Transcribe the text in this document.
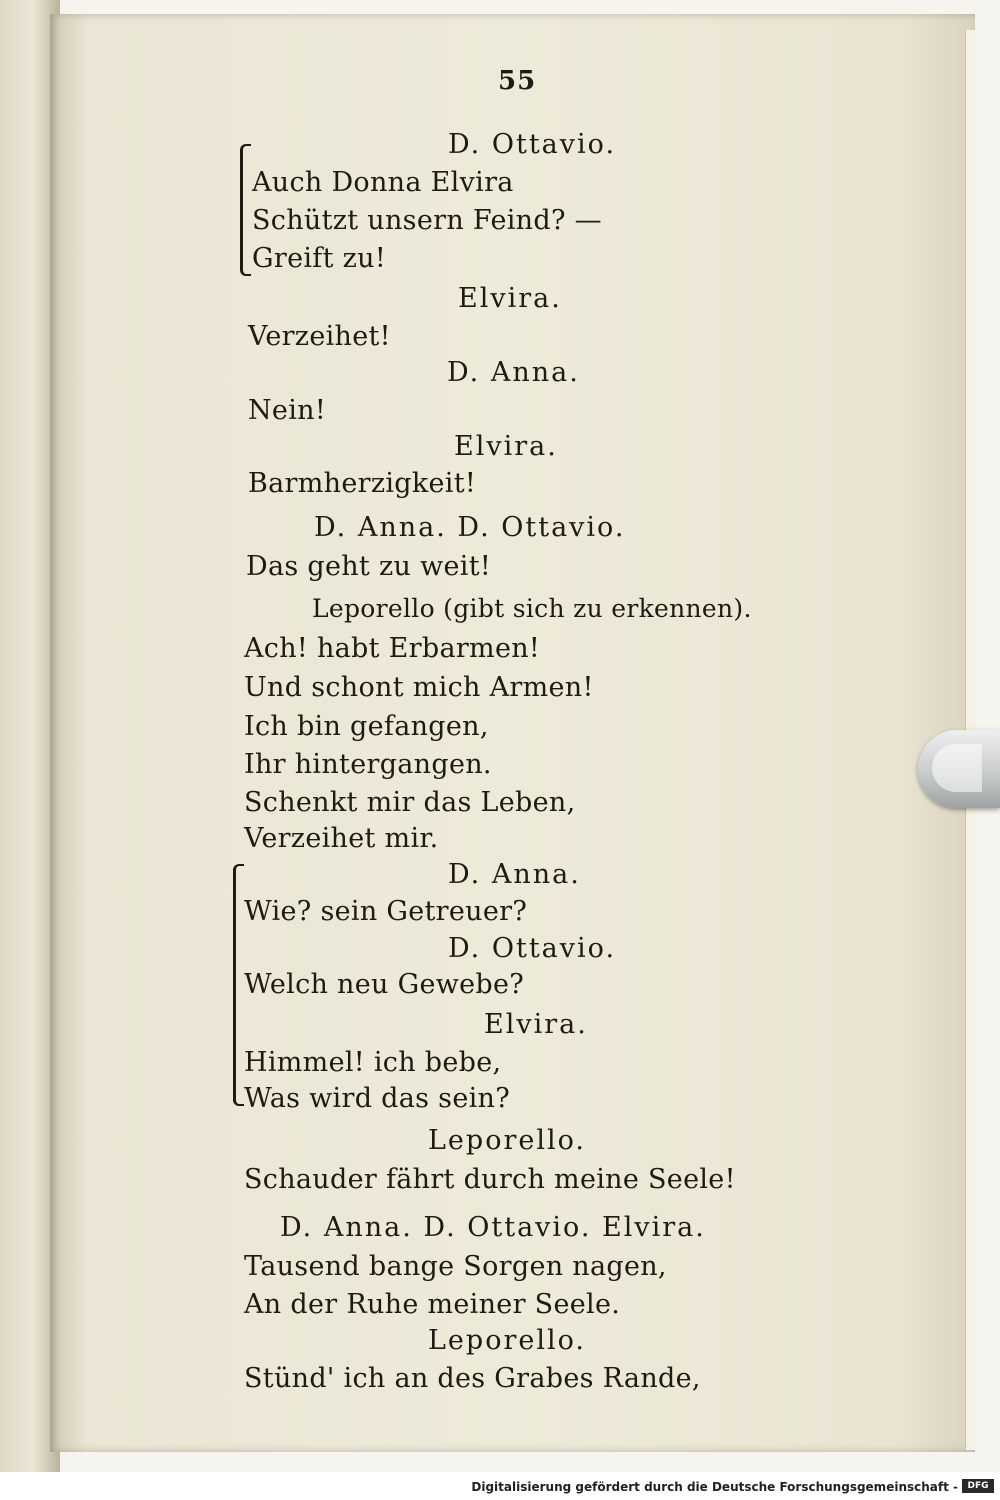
55
D. Ottavio.
Auch Donna Elvira
Schützt unsern Feind? —
Greift zu!
Elvira.
Verzeihet!
D. Anna.
Nein!
Elvira.
Barmherzigkeit!
D. Anna. D. Ottavio.
Das geht zu weit!
Leporello (gibt sich zu erkennen).
Ach! habt Erbarmen!
Und schont mich Armen!
Ich bin gefangen,
Ihr hintergangen.
Schenkt mir das Leben,
Verzeihet mir.
D. Anna.
Wie? sein Getreuer?
D. Ottavio.
Welch neu Gewebe?
Elvira.
Himmel! ich bebe,
Was wird das sein?
Leporello.
Schauder fährt durch meine Seele!
D. Anna. D. Ottavio. Elvira.
Tausend bange Sorgen nagen,
An der Ruhe meiner Seele.
Leporello.
Stünd' ich an des Grabes Rande,
Digitalisierung gefördert durch die Deutsche Forschungsgemeinschaft -	DFG
